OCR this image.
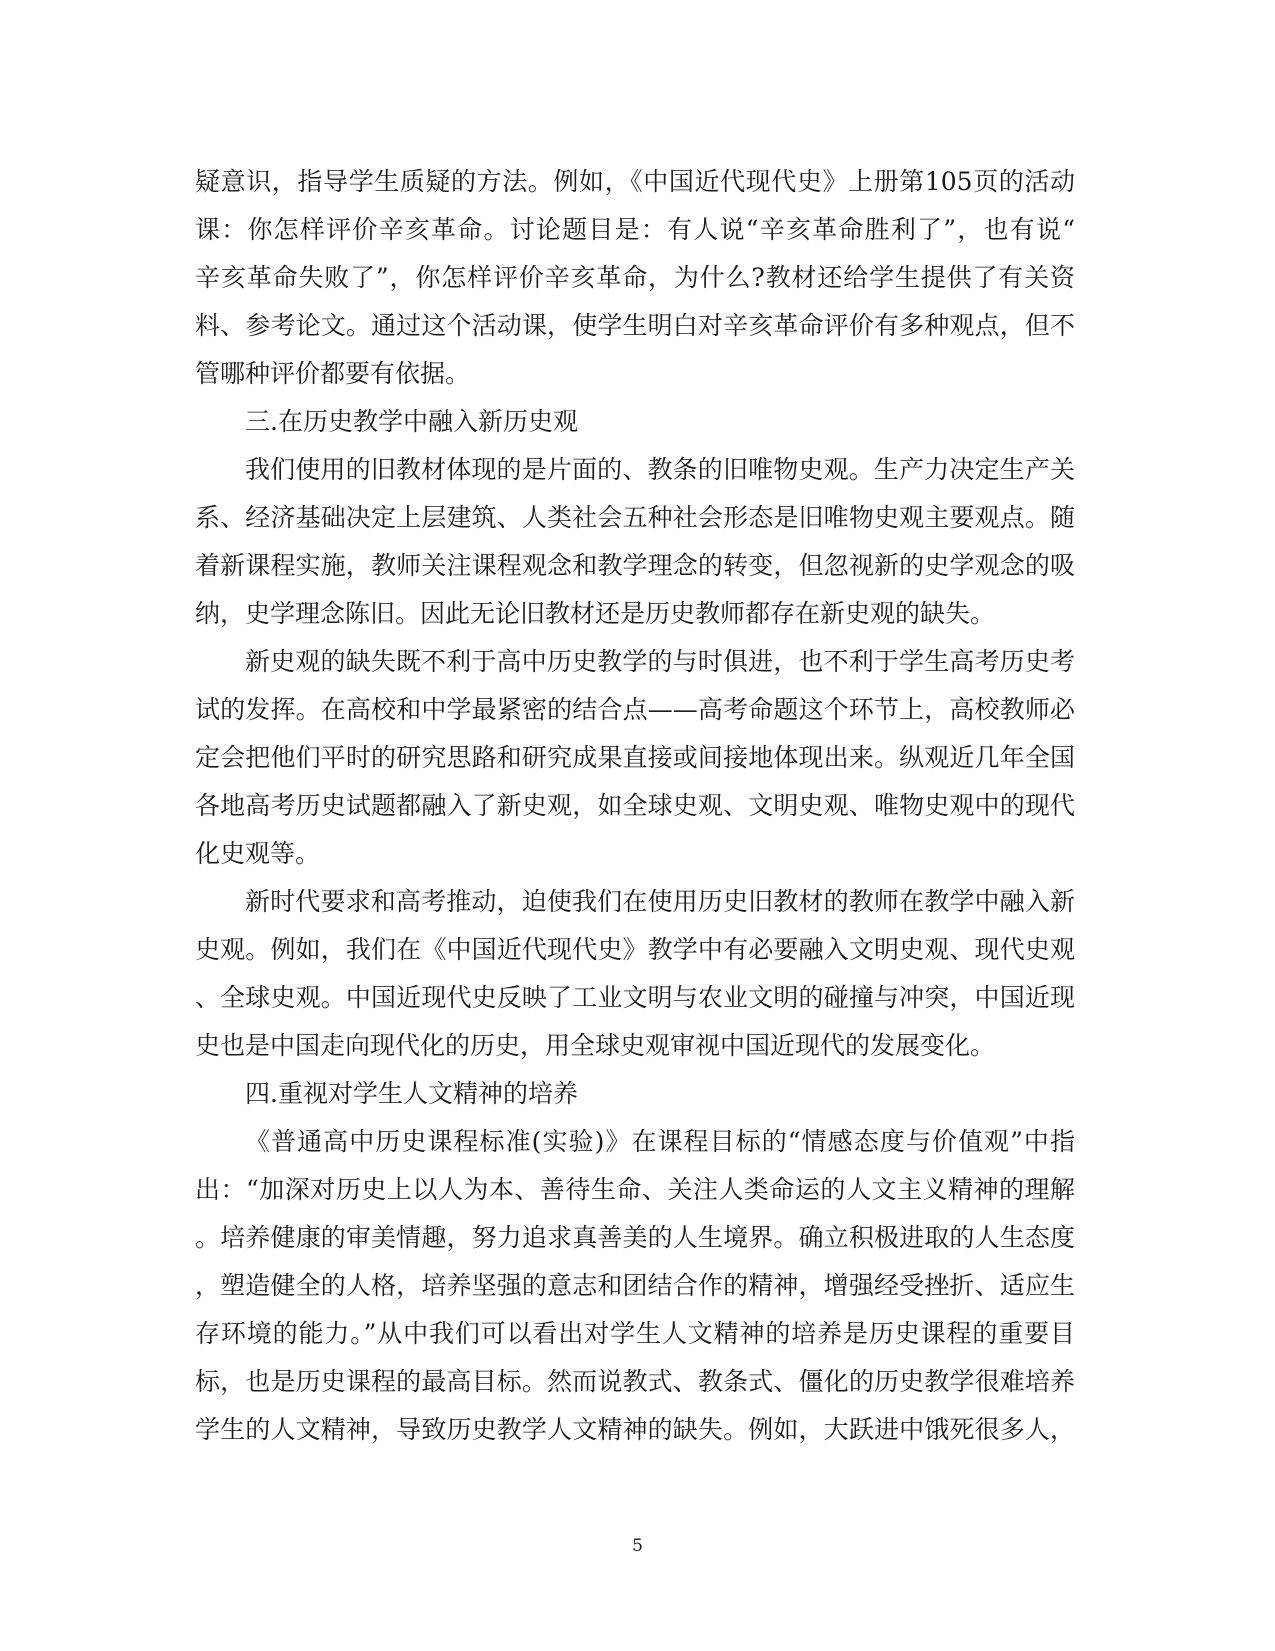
疑意识，指导学生质疑的方法。例如，《中国近代现代史》上册第105页的活动
课：你怎样评价辛亥革命。讨论题目是：有人说“辛亥革命胜利了”，也有说“
辛亥革命失败了”，你怎样评价辛亥革命，为什么?教材还给学生提供了有关资
料、参考论文。通过这个活动课，使学生明白对辛亥革命评价有多种观点，但不
管哪种评价都要有依据。
三.在历史教学中融入新历史观
我们使用的旧教材体现的是片面的、教条的旧唯物史观。生产力决定生产关
系、经济基础决定上层建筑、人类社会五种社会形态是旧唯物史观主要观点。随
着新课程实施，教师关注课程观念和教学理念的转变，但忽视新的史学观念的吸
纳，史学理念陈旧。因此无论旧教材还是历史教师都存在新史观的缺失。
新史观的缺失既不利于高中历史教学的与时俱进，也不利于学生高考历史考
试的发挥。在高校和中学最紧密的结合点——高考命题这个环节上，高校教师必
定会把他们平时的研究思路和研究成果直接或间接地体现出来。纵观近几年全国
各地高考历史试题都融入了新史观，如全球史观、文明史观、唯物史观中的现代
化史观等。
新时代要求和高考推动，迫使我们在使用历史旧教材的教师在教学中融入新
史观。例如，我们在《中国近代现代史》教学中有必要融入文明史观、现代史观
、全球史观。中国近现代史反映了工业文明与农业文明的碰撞与冲突，中国近现
史也是中国走向现代化的历史，用全球史观审视中国近现代的发展变化。
四.重视对学生人文精神的培养
《普通高中历史课程标准(实验)》在课程目标的“情感态度与价值观”中指
出：“加深对历史上以人为本、善待生命、关注人类命运的人文主义精神的理解
。培养健康的审美情趣，努力追求真善美的人生境界。确立积极进取的人生态度
，塑造健全的人格，培养坚强的意志和团结合作的精神，增强经受挫折、适应生
存环境的能力。”从中我们可以看出对学生人文精神的培养是历史课程的重要目
标，也是历史课程的最高目标。然而说教式、教条式、僵化的历史教学很难培养
学生的人文精神，导致历史教学人文精神的缺失。例如，大跃进中饿死很多人，
5
